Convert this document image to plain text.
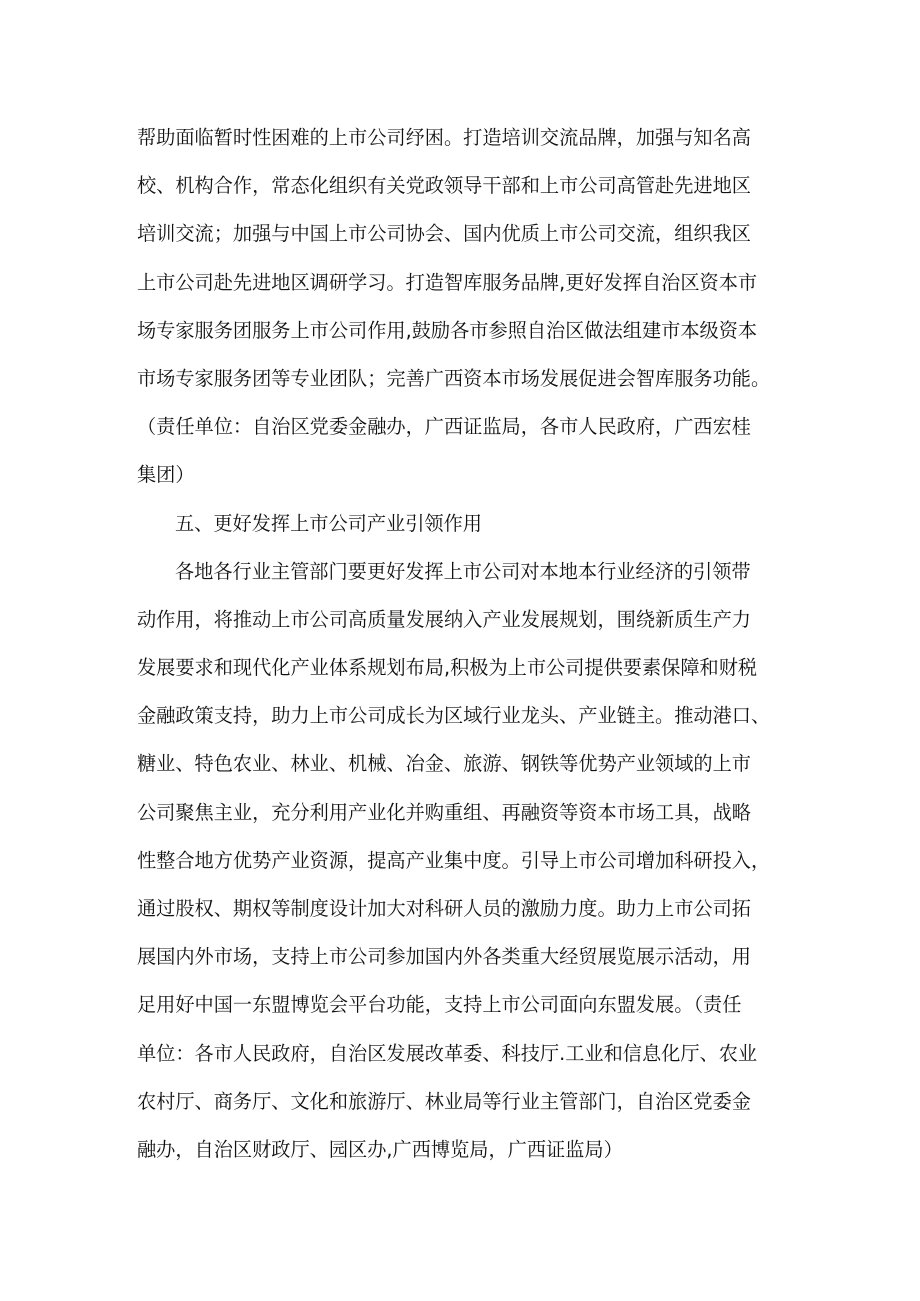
帮助面临暂时性困难的上市公司纾困。打造培训交流品牌，加强与知名高
校、机构合作，常态化组织有关党政领导干部和上市公司高管赴先进地区
培训交流；加强与中国上市公司协会、国内优质上市公司交流，组织我区
上市公司赴先进地区调研学习。打造智库服务品牌,更好发挥自治区资本市
场专家服务团服务上市公司作用,鼓励各市参照自治区做法组建市本级资本
市场专家服务团等专业团队；完善广西资本市场发展促进会智库服务功能。
（责任单位：自治区党委金融办，广西证监局，各市人民政府，广西宏桂
集团）
五、更好发挥上市公司产业引领作用
各地各行业主管部门要更好发挥上市公司对本地本行业经济的引领带
动作用，将推动上市公司高质量发展纳入产业发展规划，围绕新质生产力
发展要求和现代化产业体系规划布局,积极为上市公司提供要素保障和财税
金融政策支持，助力上市公司成长为区域行业龙头、产业链主。推动港口、
糖业、特色农业、林业、机械、冶金、旅游、钢铁等优势产业领域的上市
公司聚焦主业，充分利用产业化并购重组、再融资等资本市场工具，战略
性整合地方优势产业资源，提高产业集中度。引导上市公司增加科研投入，
通过股权、期权等制度设计加大对科研人员的激励力度。助力上市公司拓
展国内外市场，支持上市公司参加国内外各类重大经贸展览展示活动，用
足用好中国一东盟博览会平台功能，支持上市公司面向东盟发展。（责任
单位：各市人民政府，自治区发展改革委、科技厅.工业和信息化厅、农业
农村厅、商务厅、文化和旅游厅、林业局等行业主管部门，自治区党委金
融办，自治区财政厅、园区办,广西博览局，广西证监局）
